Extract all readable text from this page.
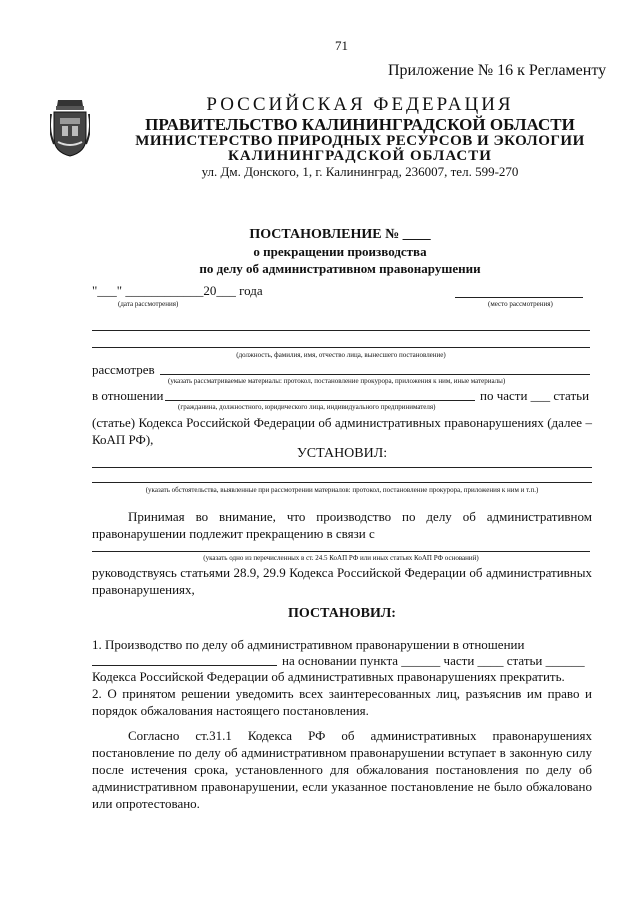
71
Приложение № 16 к Регламенту
РОССИЙСКАЯ ФЕДЕРАЦИЯ
ПРАВИТЕЛЬСТВО КАЛИНИНГРАДСКОЙ ОБЛАСТИ
МИНИСТЕРСТВО ПРИРОДНЫХ РЕСУРСОВ И ЭКОЛОГИИ
КАЛИНИНГРАДСКОЙ ОБЛАСТИ
ул. Дм. Донского, 1, г. Калининград, 236007, тел. 599-270
ПОСТАНОВЛЕНИЕ № ____
о прекращении производства
по делу об административном правонарушении
"___" ____________20___ года
(дата рассмотрения)	(место рассмотрения)
(должность, фамилия, имя, отчество лица, вынесшего постановление)
рассмотрев
(указать рассматриваемые материалы: протокол, постановление прокурора, приложения к ним, иные материалы)
в отношении	по части ___ статьи
(гражданина, должностного, юридического лица, индивидуального предпринимателя)
(статье) Кодекса Российской Федерации об административных правонарушениях (далее – КоАП РФ),
УСТАНОВИЛ:
(указать обстоятельства, выявленные при рассмотрении материалов: протокол, постановление прокурора, приложения к ним и т.п.)
Принимая во внимание, что производство по делу об административном правонарушении подлежит прекращению в связи с
(указать одно из перечисленных в ст. 24.5 КоАП РФ или иных статьях КоАП РФ оснований)
руководствуясь статьями 28.9, 29.9 Кодекса Российской Федерации об административных правонарушениях,
ПОСТАНОВИЛ:
1. Производство по делу об административном правонарушении в отношении
на основании пункта ______ части ____ статьи ______
Кодекса Российской Федерации об административных правонарушениях прекратить.
2. О принятом решении уведомить всех заинтересованных лиц, разъяснив им право и порядок обжалования настоящего постановления.
Согласно ст.31.1 Кодекса РФ об административных правонарушениях постановление по делу об административном правонарушении вступает в законную силу после истечения срока, установленного для обжалования постановления по делу об административном правонарушении, если указанное постановление не было обжаловано или опротестовано.
